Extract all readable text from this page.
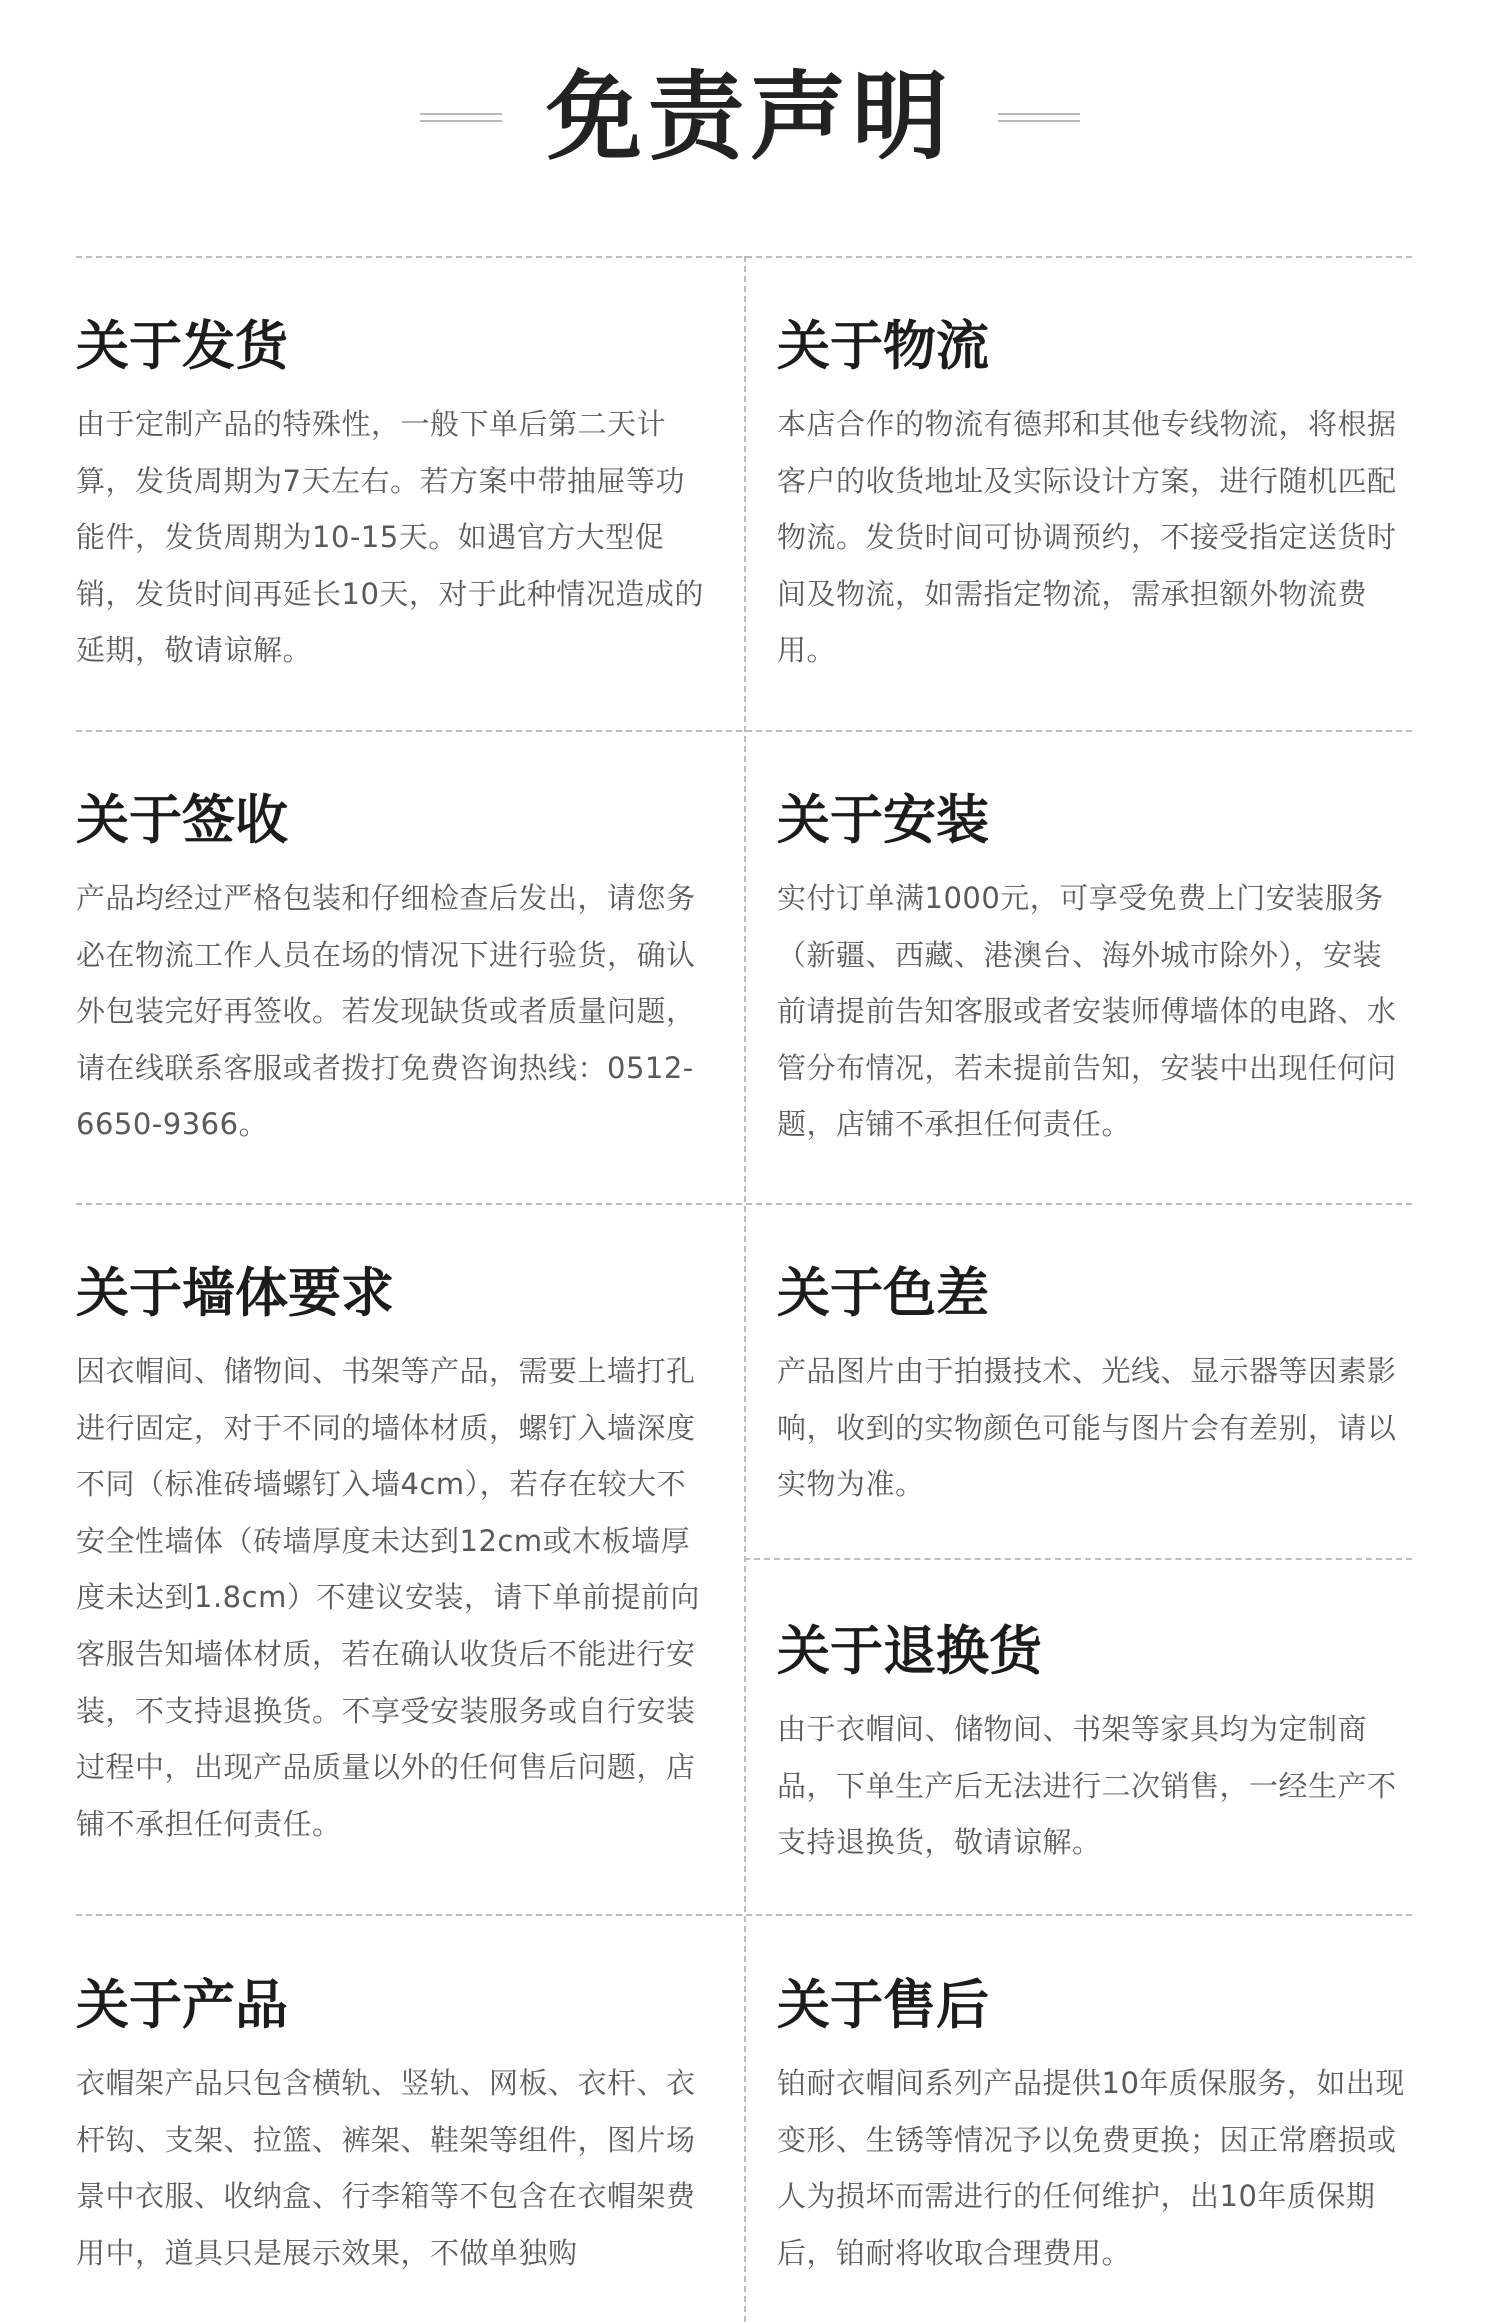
免责声明
关于发货

由于定制产品的特殊性，一般下单后第二天计算，发货周期为7天左右。若方案中带抽屉等功能件，发货周期为10-15天。如遇官方大型促销，发货时间再延长10天，对于此种情况造成的延期，敬请谅解。

关于物流

本店合作的物流有德邦和其他专线物流，将根据客户的收货地址及实际设计方案，进行随机匹配物流。发货时间可协调预约，不接受指定送货时间及物流，如需指定物流，需承担额外物流费用。

关于签收

产品均经过严格包装和仔细检查后发出，请您务必在物流工作人员在场的情况下进行验货，确认外包装完好再签收。若发现缺货或者质量问题，请在线联系客服或者拨打免费咨询热线：0512-6650-9366。

关于安装

实付订单满1000元，可享受免费上门安装服务（新疆、西藏、港澳台、海外城市除外），安装前请提前告知客服或者安装师傅墙体的电路、水管分布情况，若未提前告知，安装中出现任何问题，店铺不承担任何责任。

关于墙体要求

因衣帽间、储物间、书架等产品，需要上墙打孔进行固定，对于不同的墙体材质，螺钉入墙深度不同（标准砖墙螺钉入墙4cm），若存在较大不安全性墙体（砖墙厚度未达到12cm或木板墙厚度未达到1.8cm）不建议安装，请下单前提前向客服告知墙体材质，若在确认收货后不能进行安装，不支持退换货。不享受安装服务或自行安装过程中，出现产品质量以外的任何售后问题，店铺不承担任何责任。

关于色差

产品图片由于拍摄技术、光线、显示器等因素影响，收到的实物颜色可能与图片会有差别，请以实物为准。

关于退换货

由于衣帽间、储物间、书架等家具均为定制商品，下单生产后无法进行二次销售，一经生产不支持退换货，敬请谅解。

关于产品

衣帽架产品只包含横轨、竖轨、网板、衣杆、衣杆钩、支架、拉篮、裤架、鞋架等组件，图片场景中衣服、收纳盒、行李箱等不包含在衣帽架费用中，道具只是展示效果，不做单独购

关于售后

铂耐衣帽间系列产品提供10年质保服务，如出现变形、生锈等情况予以免费更换；因正常磨损或人为损坏而需进行的任何维护，出10年质保期后，铂耐将收取合理费用。
